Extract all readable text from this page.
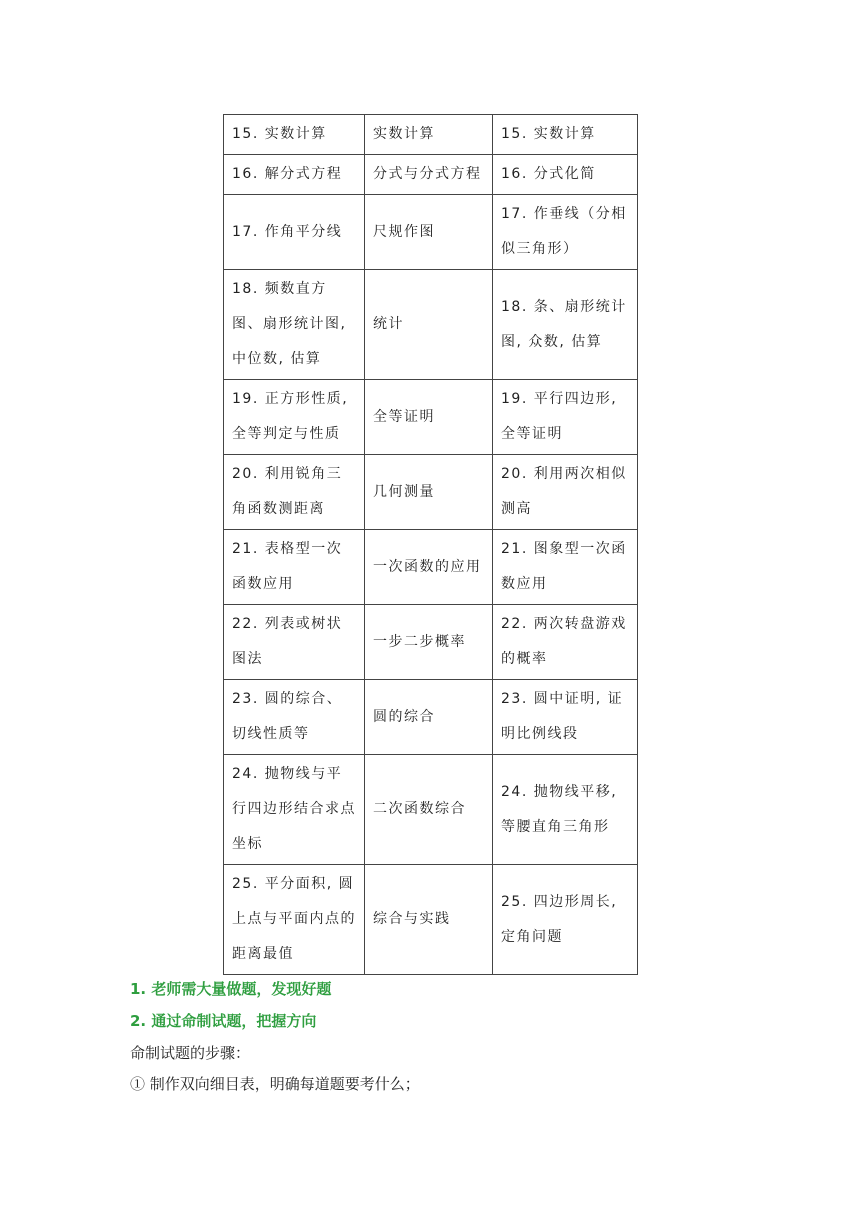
15. 实数计算	实数计算	15. 实数计算
16. 解分式方程	分式与分式方程	16. 分式化简
17. 作角平分线	尺规作图	17. 作垂线（分相似三角形）
18. 频数直方图、扇形统计图, 中位数, 估算	统计	18. 条、扇形统计图, 众数, 估算
19. 正方形性质, 全等判定与性质	全等证明	19. 平行四边形, 全等证明
20. 利用锐角三角函数测距离	几何测量	20. 利用两次相似测高
21. 表格型一次函数应用	一次函数的应用	21. 图象型一次函数应用
22. 列表或树状图法	一步二步概率	22. 两次转盘游戏的概率
23. 圆的综合、切线性质等	圆的综合	23. 圆中证明, 证明比例线段
24. 抛物线与平行四边形结合求点坐标	二次函数综合	24. 抛物线平移, 等腰直角三角形
25. 平分面积, 圆上点与平面内点的距离最值	综合与实践	25. 四边形周长, 定角问题
1. 老师需大量做题，发现好题
2. 通过命制试题，把握方向
命制试题的步骤：
① 制作双向细目表，明确每道题要考什么；
